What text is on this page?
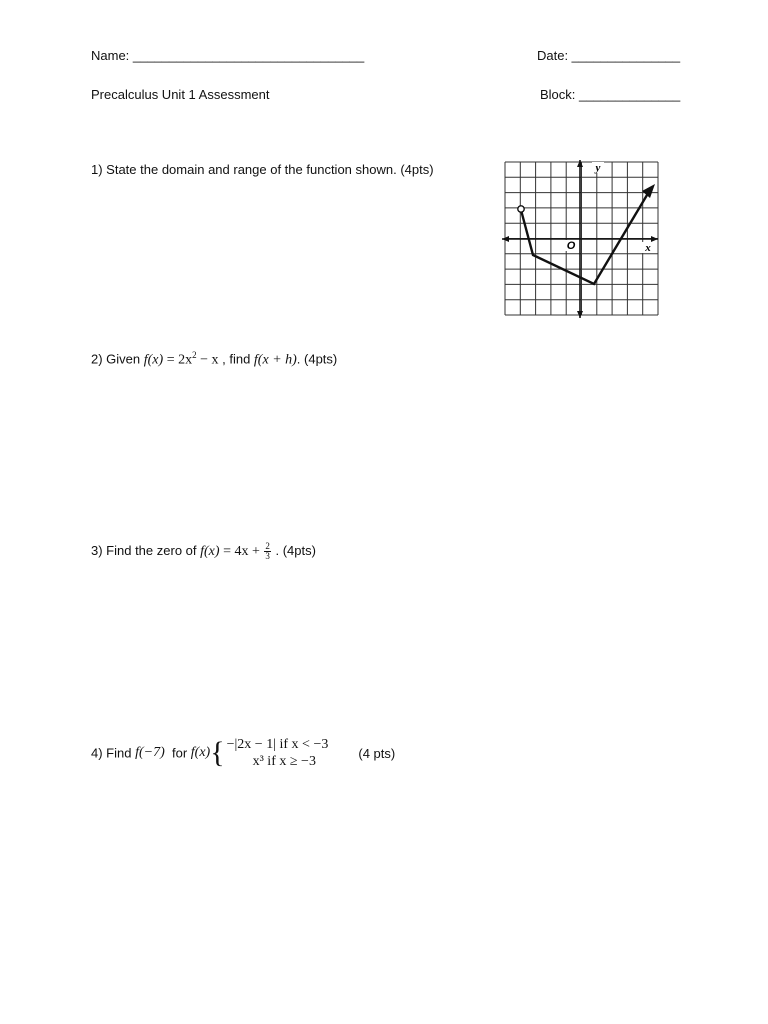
Name: ________________________________	Date: _______________
Precalculus Unit 1 Assessment	Block: ______________
1) State the domain and range of the function shown. (4pts)
O
y
x
2) Given $f(x) = 2x^2 - x$ , find f(x + h). (4pts)
3) Find the zero of $f(x) = 4x + \frac{2}{3}$ . (4pts)
4) Find f(−7)  for f(x){ −|2x − 1| if x < −3
x³ if x ≥ −3
(4 pts)
